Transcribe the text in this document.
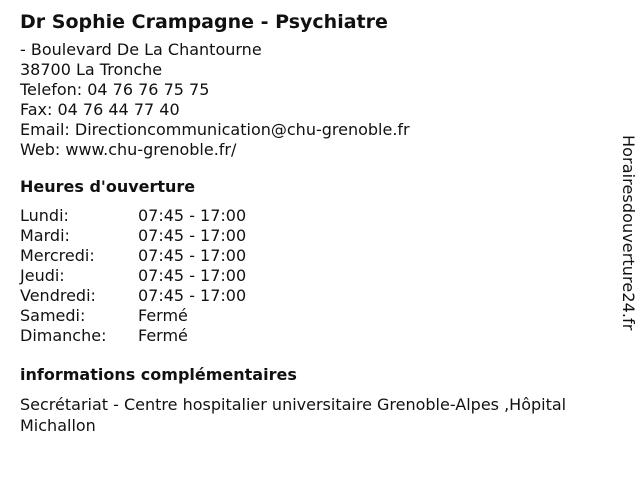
Dr Sophie Crampagne - Psychiatre
- Boulevard De La Chantourne
38700 La Tronche
Telefon: 04 76 76 75 75
Fax: 04 76 44 77 40
Email: Directioncommunication@chu-grenoble.fr
Web: www.chu-grenoble.fr/
Heures d'ouverture
Lundi:	07:45 - 17:00
Mardi:	07:45 - 17:00
Mercredi:	07:45 - 17:00
Jeudi:	07:45 - 17:00
Vendredi:	07:45 - 17:00
Samedi:	Fermé
Dimanche:	Fermé
informations complémentaires
Secrétariat - Centre hospitalier universitaire Grenoble-Alpes ,Hôpital Michallon
Horairesdouverture24.fr
